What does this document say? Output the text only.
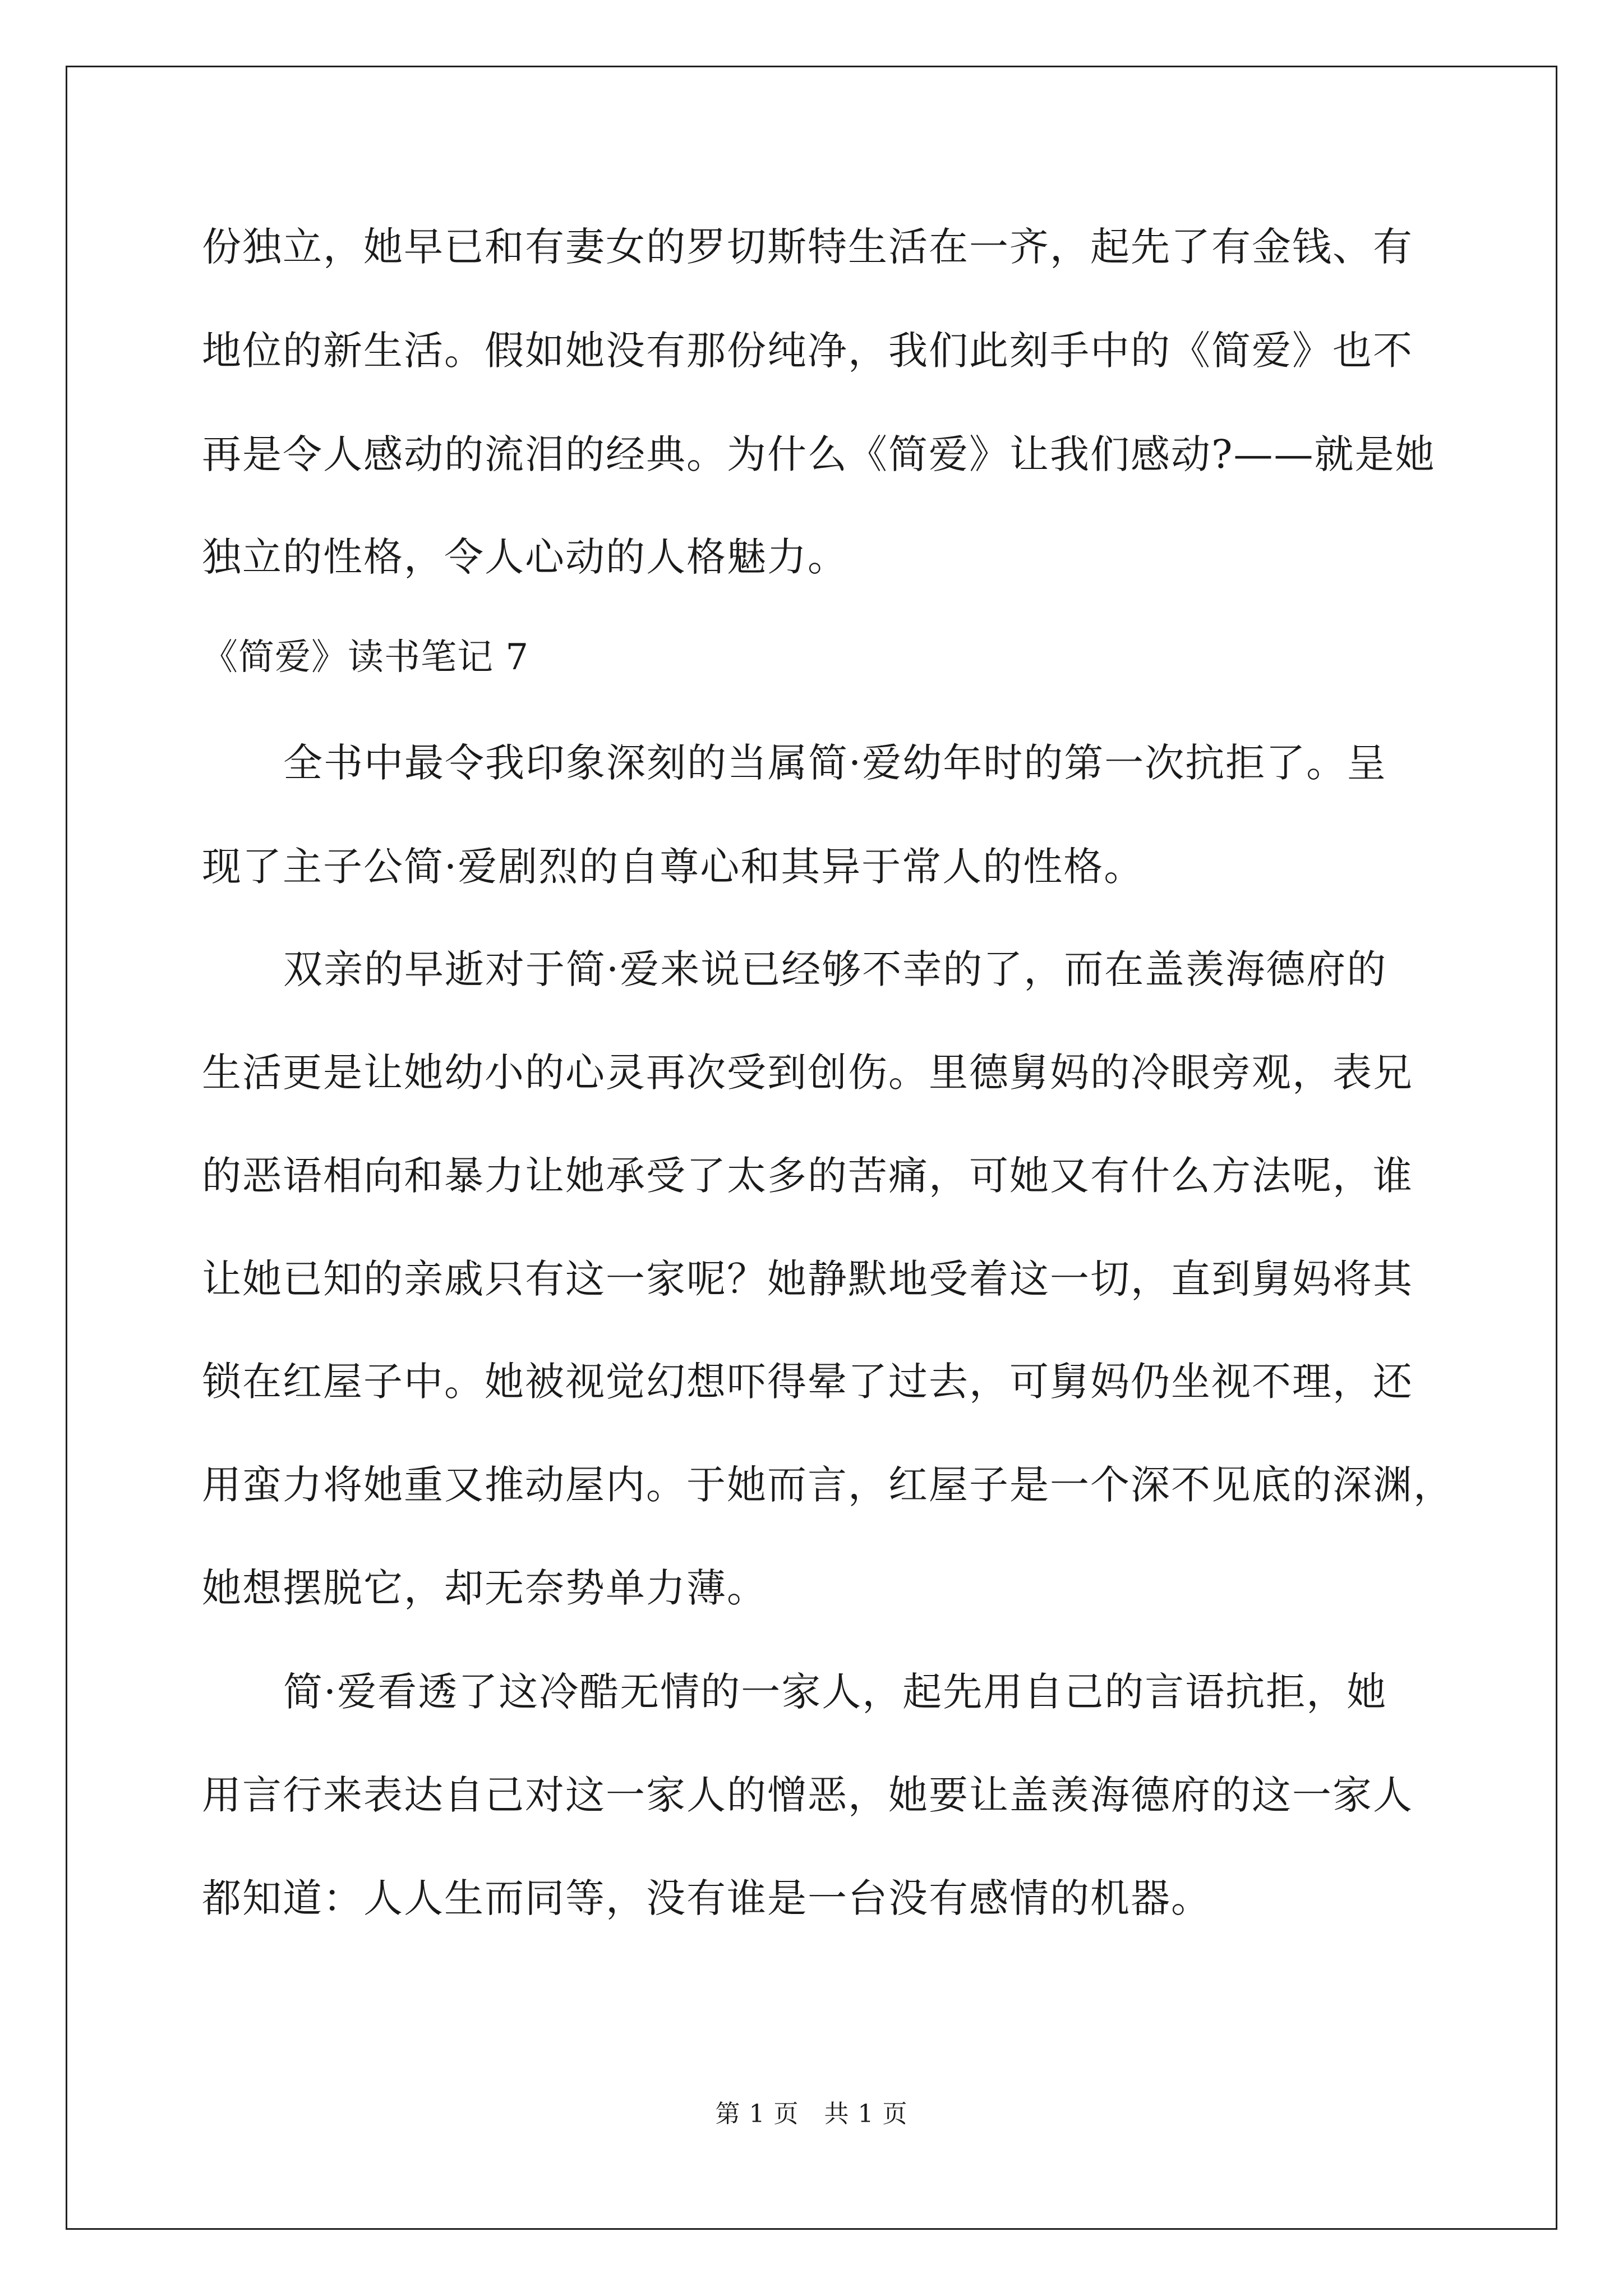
份独立，她早已和有妻女的罗切斯特生活在一齐，起先了有金钱、有
地位的新生活。假如她没有那份纯净，我们此刻手中的《简爱》也不
再是令人感动的流泪的经典。为什么《简爱》让我们感动?——就是她
独立的性格，令人心动的人格魅力。
《简爱》读书笔记 7
全书中最令我印象深刻的当属简·爱幼年时的第一次抗拒了。呈
现了主子公简·爱剧烈的自尊心和其异于常人的性格。
双亲的早逝对于简·爱来说已经够不幸的了，而在盖羡海德府的
生活更是让她幼小的心灵再次受到创伤。里德舅妈的冷眼旁观，表兄
的恶语相向和暴力让她承受了太多的苦痛，可她又有什么方法呢，谁
让她已知的亲戚只有这一家呢？她静默地受着这一切，直到舅妈将其
锁在红屋子中。她被视觉幻想吓得晕了过去，可舅妈仍坐视不理，还
用蛮力将她重又推动屋内。于她而言，红屋子是一个深不见底的深渊，
她想摆脱它，却无奈势单力薄。
简·爱看透了这冷酷无情的一家人，起先用自己的言语抗拒，她
用言行来表达自己对这一家人的憎恶，她要让盖羡海德府的这一家人
都知道：人人生而同等，没有谁是一台没有感情的机器。
第 1 页　共 1 页
